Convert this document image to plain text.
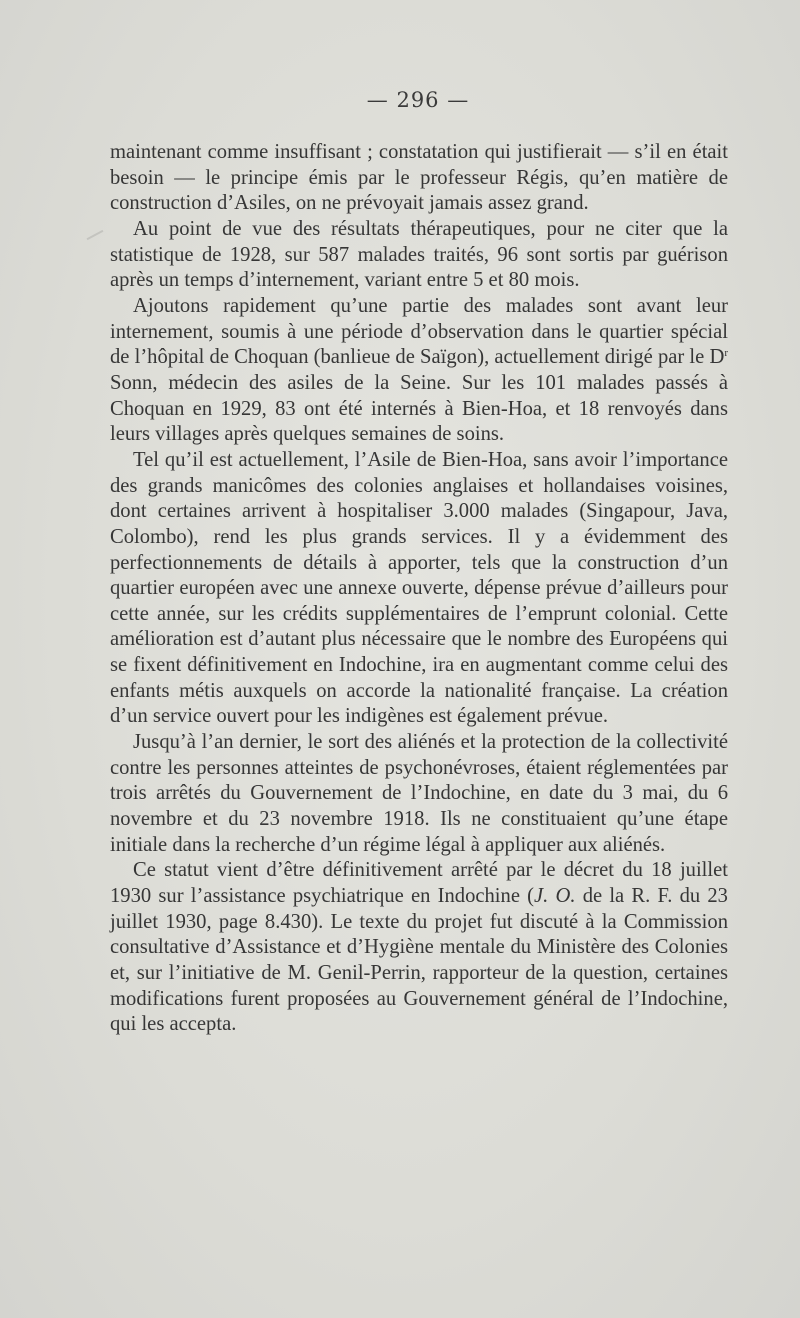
— 296 —

maintenant comme insuffisant ; constatation qui justifierait — s’il en était besoin — le principe émis par le professeur Régis, qu’en matière de construction d’Asiles, on ne prévoyait jamais assez grand.

Au point de vue des résultats thérapeutiques, pour ne citer que la statistique de 1928, sur 587 malades traités, 96 sont sortis par guérison après un temps d’internement, variant entre 5 et 80 mois.

Ajoutons rapidement qu’une partie des malades sont avant leur internement, soumis à une période d’observation dans le quartier spécial de l’hôpital de Choquan (banlieue de Saïgon), actuellement dirigé par le $D^r$ Sonn, médecin des asiles de la Seine. Sur les 101 malades passés à Choquan en 1929, 83 ont été internés à Bien-Hoa, et 18 renvoyés dans leurs villages après quelques semaines de soins.

Tel qu’il est actuellement, l’Asile de Bien-Hoa, sans avoir l’importance des grands manicômes des colonies anglaises et hollandaises voisines, dont certaines arrivent à hospitaliser 3.000 malades (Singapour, Java, Colombo), rend les plus grands services. Il y a évidemment des perfectionnements de détails à apporter, tels que la construction d’un quartier européen avec une annexe ouverte, dépense prévue d’ailleurs pour cette année, sur les crédits supplémentaires de l’emprunt colonial. Cette amélioration est d’autant plus nécessaire que le nombre des Européens qui se fixent définitivement en Indochine, ira en augmentant comme celui des enfants métis auxquels on accorde la nationalité française. La création d’un service ouvert pour les indigènes est également prévue.

Jusqu’à l’an dernier, le sort des aliénés et la protection de la collectivité contre les personnes atteintes de psychonévroses, étaient réglementées par trois arrêtés du Gouvernement de l’Indochine, en date du 3 mai, du 6 novembre et du 23 novembre 1918. Ils ne constituaient qu’une étape initiale dans la recherche d’un régime légal à appliquer aux aliénés.

Ce statut vient d’être définitivement arrêté par le décret du 18 juillet 1930 sur l’assistance psychiatrique en Indochine (J. O. de la R. F. du 23 juillet 1930, page 8.430). Le texte du projet fut discuté à la Commission consultative d’Assistance et d’Hygiène mentale du Ministère des Colonies et, sur l’initiative de M. Genil-Perrin, rapporteur de la question, certaines modifications furent proposées au Gouvernement général de l’Indochine, qui les accepta.
